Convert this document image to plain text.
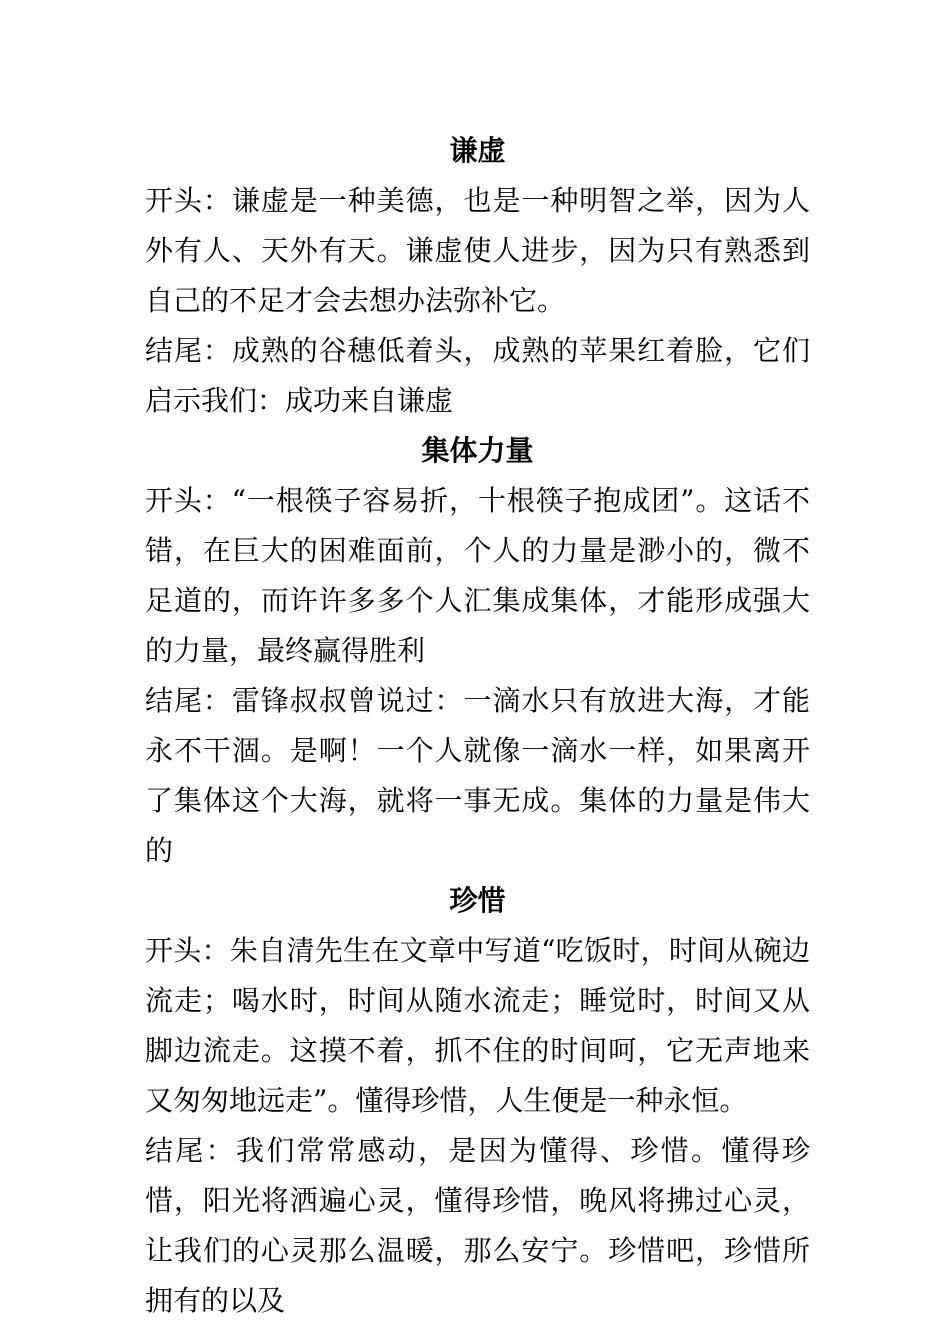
谦虚

开头：谦虚是一种美德，也是一种明智之举，因为人外有人、天外有天。谦虚使人进步，因为只有熟悉到自己的不足才会去想办法弥补它。

结尾：成熟的谷穗低着头，成熟的苹果红着脸，它们启示我们：成功来自谦虚

集体力量

开头：“一根筷子容易折，十根筷子抱成团”。这话不错，在巨大的困难面前，个人的力量是渺小的，微不足道的，而许许多多个人汇集成集体，才能形成强大的力量，最终赢得胜利

结尾：雷锋叔叔曾说过：一滴水只有放进大海，才能永不干涸。是啊！一个人就像一滴水一样，如果离开了集体这个大海，就将一事无成。集体的力量是伟大的

珍惜

开头：朱自清先生在文章中写道“吃饭时，时间从碗边流走；喝水时，时间从随水流走；睡觉时，时间又从脚边流走。这摸不着，抓不住的时间呵，它无声地来又匆匆地远走”。懂得珍惜，人生便是一种永恒。

结尾：我们常常感动，是因为懂得、珍惜。懂得珍惜，阳光将洒遍心灵，懂得珍惜，晚风将拂过心灵，让我们的心灵那么温暖，那么安宁。珍惜吧，珍惜所拥有的以及
